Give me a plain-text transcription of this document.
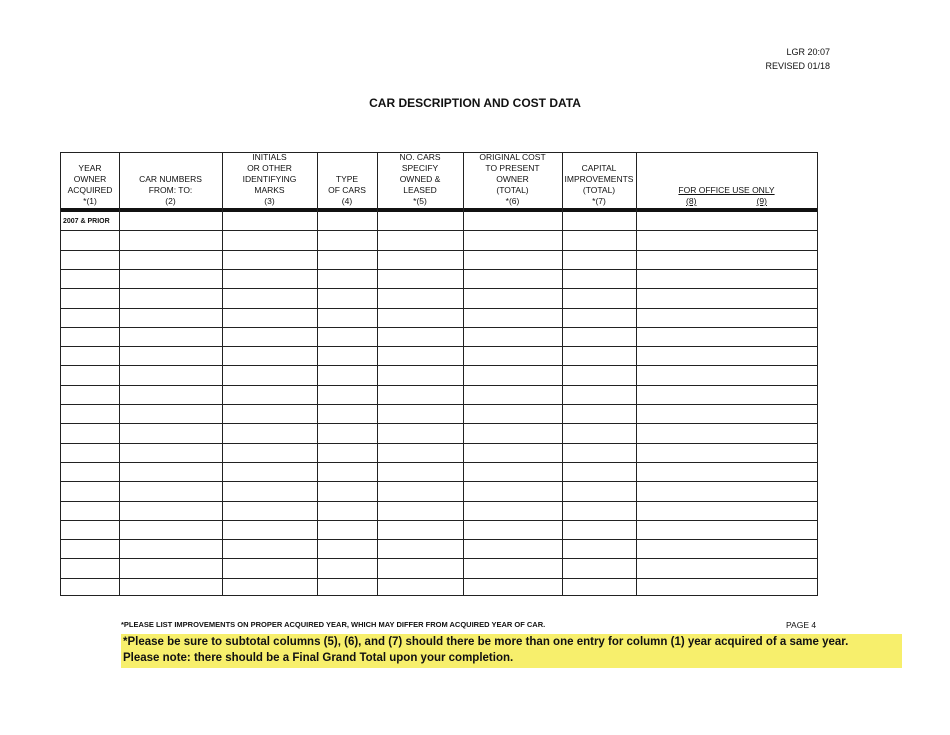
LGR 20:07
REVISED 01/18
CAR DESCRIPTION AND COST DATA
2007 & PRIOR
FOR OFFICE USE ONLY
(8)	(9)
YEAR
OWNER
ACQUIRED
*(1)
CAR NUMBERS
FROM: TO:
(2)
INITIALS
OR OTHER
IDENTIFYING
MARKS
(3)
TYPE
OF CARS
(4)
NO. CARS
SPECIFY
OWNED &
LEASED
*(5)
ORIGINAL COST
TO PRESENT
OWNER
(TOTAL)
*(6)
CAPITAL
IMPROVEMENTS
(TOTAL)
*(7)
*PLEASE LIST IMPROVEMENTS ON PROPER ACQUIRED YEAR, WHICH MAY DIFFER FROM ACQUIRED YEAR OF CAR.	PAGE 4
*Please be sure to subtotal columns (5), (6), and (7) should there be more than one entry for column (1) year acquired of a same year.
Please note: there should be a Final Grand Total upon your completion.
